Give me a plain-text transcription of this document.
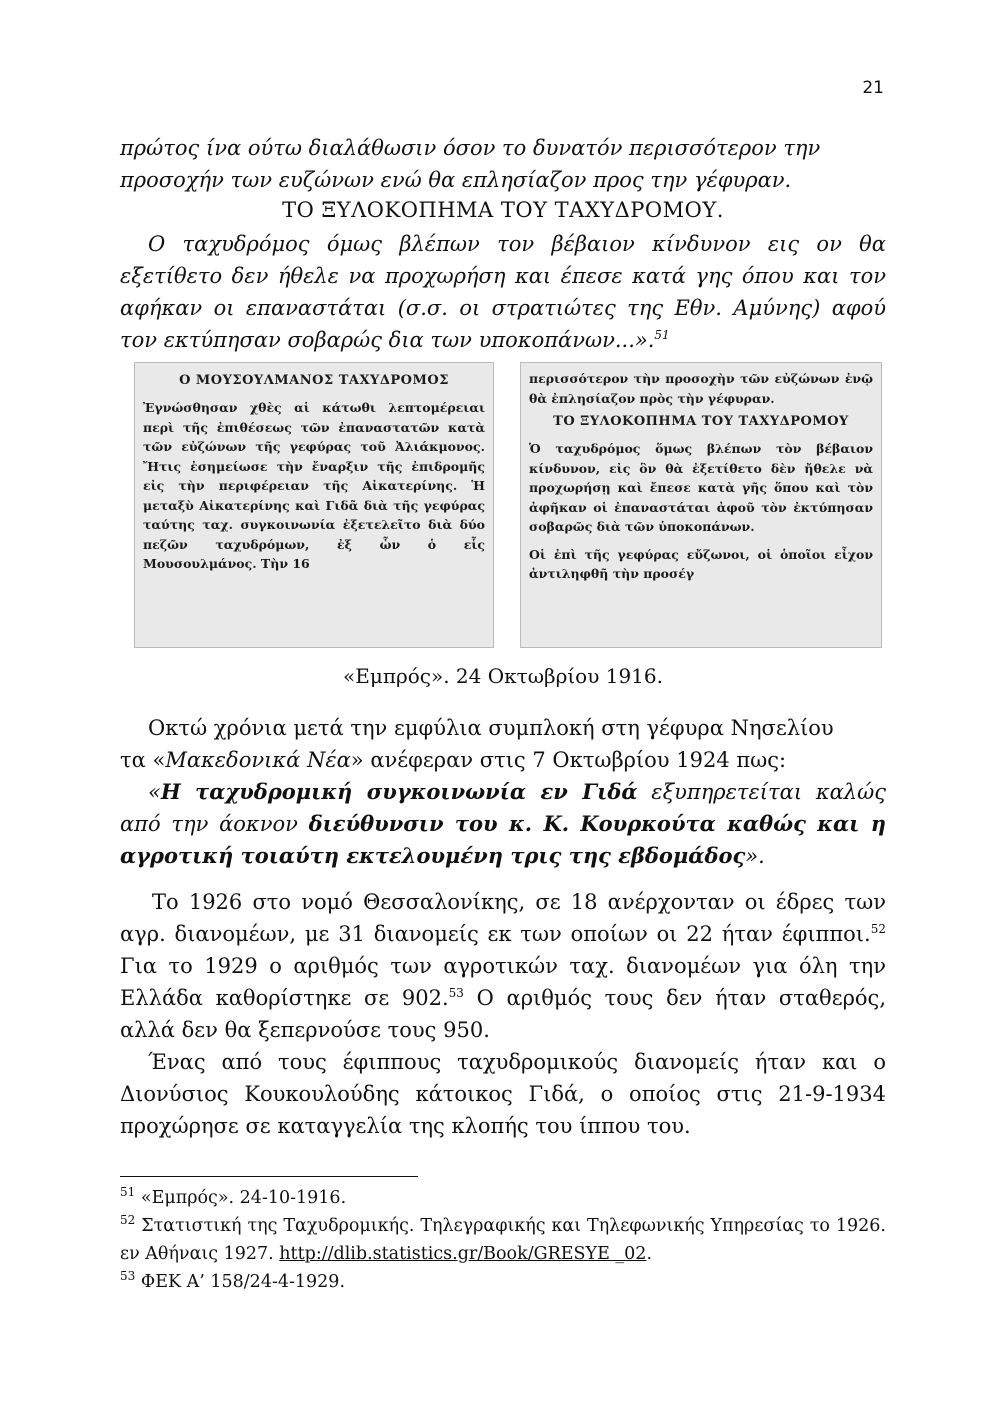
21
πρώτος ίνα ούτω διαλάθωσιν όσον το δυνατόν περισσότερον την
προσοχήν των ευζώνων ενώ θα επλησίαζον προς την γέφυραν.
ΤΟ ΞΥΛΟΚΟΠΗΜΑ ΤΟΥ ΤΑΧΥΔΡΟΜΟΥ.
Ο ταχυδρόμος όμως βλέπων τον βέβαιον κίνδυνον εις ον θα εξετίθετο δεν ήθελε να προχωρήση και έπεσε κατά γης όπου και τον αφήκαν οι επαναστάται (σ.σ. οι στρατιώτες της Εθν. Αμύνης) αφού τον εκτύπησαν σοβαρώς δια των υποκοπάνων...».$^{51}$
Ο ΜΟΥΣΟΥΛΜΑΝΟΣ ΤΑΧΥΔΡΟΜΟΣ
Ἐγνώσθησαν χθὲς αἱ κάτωθι λεπτομέρειαι περὶ τῆς ἐπιθέσεως τῶν ἐπαναστατῶν κατὰ τῶν εὐζώνων τῆς γεφύρας τοῦ Ἀλιάκμονος. Ἤτις ἐσημείωσε τὴν ἔναρξιν τῆς ἐπιδρομῆς εἰς τὴν περιφέρειαν τῆς Αἰκατερίνης. Ἡ μεταξὺ Αἰκατερίνης καὶ Γιδᾶ διὰ τῆς γεφύρας ταύτης ταχ. συγκοινωνία ἐξετελεῖτο διὰ δύο πεζῶν ταχυδρόμων, ἐξ ὧν ὁ εἷς Μουσουλμάνος. Τὴν 16
περισσότερον τὴν προσοχὴν τῶν εὐζώνων ἐνῷ θὰ ἐπλησίαζον πρὸς τὴν γέφυραν.
ΤΟ ΞΥΛΟΚΟΠΗΜΑ ΤΟΥ ΤΑΧΥΔΡΟΜΟΥ
Ὁ ταχυδρόμος ὅμως βλέπων τὸν βέβαιον κίνδυνον, εἰς ὃν θὰ ἐξετίθετο δὲν ἤθελε νὰ προχωρήσῃ καὶ ἔπεσε κατὰ γῆς ὅπου καὶ τὸν ἀφῆκαν οἱ ἐπαναστάται ἀφοῦ τὸν ἐκτύπησαν σοβαρῶς διὰ τῶν ὑποκοπάνων.
Οἱ ἐπὶ τῆς γεφύρας εὔζωνοι, οἱ ὁποῖοι εἶχον ἀντιληφθῆ τὴν προσέγ
«Εμπρός». 24 Οκτωβρίου 1916.
Οκτώ χρόνια μετά την εμφύλια συμπλοκή στη γέφυρα Νησελίου
τα «Μακεδονικά Νέα» ανέφεραν στις 7 Οκτωβρίου 1924 πως:
«Η ταχυδρομική συγκοινωνία εν Γιδά εξυπηρετείται καλώς από την άοκνον διεύθυνσιν του κ. Κ. Κουρκούτα καθώς και η αγροτική τοιαύτη εκτελουμένη τρις της εβδομάδος».
Το 1926 στο νομό Θεσσαλονίκης, σε 18 ανέρχονταν οι έδρες των αγρ. διανομέων, με 31 διανομείς εκ των οποίων οι 22 ήταν έφιπποι.$^{52}$ Για το 1929 ο αριθμός των αγροτικών ταχ. διανομέων για όλη την Ελλάδα καθορίστηκε σε 902.53 Ο αριθμός τους δεν ήταν σταθερός, αλλά δεν θα ξεπερνούσε τους 950.
Ένας από τους έφιππους ταχυδρομικούς διανομείς ήταν και ο Διονύσιος Κουκουλούδης κάτοικος Γιδά, ο οποίος στις 21-9-1934 προχώρησε σε καταγγελία της κλοπής του ίππου του.
$^{51}$ «Εμπρός». 24-10-1916.
$^{52}$ Στατιστική της Ταχυδρομικής. Τηλεγραφικής και Τηλεφωνικής Υπηρεσίας το 1926. εν Αθήναις 1927. http://dlib.statistics.gr/Book/GRESYE _02.
$^{53}$ ΦΕΚ Α’ 158/24-4-1929.
